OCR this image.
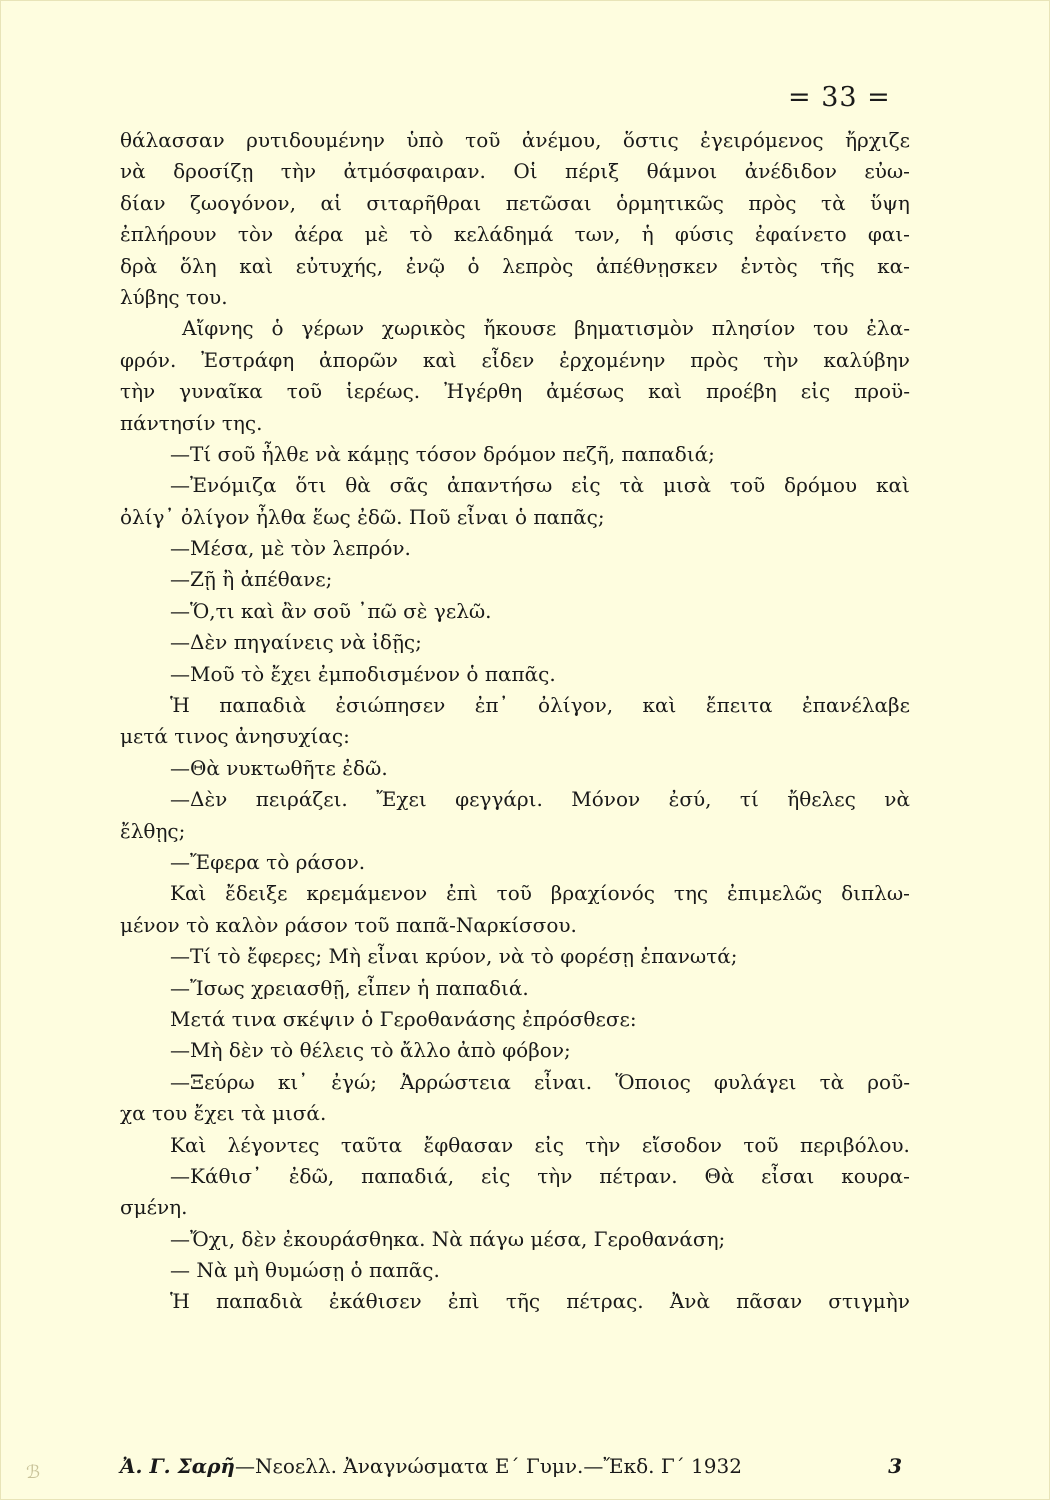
= 33 =
θάλασσαν ρυτιδουμένην ὑπὸ τοῦ ἀνέμου, ὅστις ἐγειρόμενος ἤρχιζε
νὰ δροσίζῃ τὴν ἀτμόσφαιραν. Οἱ πέριξ θάμνοι ἀνέδιδον εὐω-
δίαν ζωογόνον, αἱ σιταρῆθραι πετῶσαι ὁρμητικῶς πρὸς τὰ ὕψη
ἐπλήρουν τὸν ἀέρα μὲ τὸ κελάδημά των, ἡ φύσις ἐφαίνετο φαι-
δρὰ ὅλη καὶ εὐτυχής, ἐνῷ ὁ λεπρὸς ἀπέθνῃσκεν ἐντὸς τῆς κα-
λύβης του.
Αἴφνης ὁ γέρων χωρικὸς ἤκουσε βηματισμὸν πλησίον του ἐλα-
φρόν. Ἐστράφη ἀπορῶν καὶ εἶδεν ἐρχομένην πρὸς τὴν καλύβην
τὴν γυναῖκα τοῦ ἱερέως. Ἠγέρθη ἀμέσως καὶ προέβη εἰς προϋ-
πάντησίν της.
—Τί σοῦ ἦλθε νὰ κάμῃς τόσον δρόμον πεζῆ, παπαδιά;
—Ἐνόμιζα ὅτι θὰ σᾶς ἀπαντήσω εἰς τὰ μισὰ τοῦ δρόμου καὶ
ὀλίγ᾽ ὀλίγον ἦλθα ἕως ἐδῶ. Ποῦ εἶναι ὁ παπᾶς;
—Μέσα, μὲ τὸν λεπρόν.
—Ζῇ ἢ ἀπέθανε;
—Ὅ,τι καὶ ἂν σοῦ ᾽πῶ σὲ γελῶ.
—Δὲν πηγαίνεις νὰ ἰδῇς;
—Μοῦ τὸ ἔχει ἐμποδισμένον ὁ παπᾶς.
Ἡ παπαδιὰ ἐσιώπησεν ἐπ᾽ ὀλίγον, καὶ ἔπειτα ἐπανέλαβε
μετά τινος ἀνησυχίας:
—Θὰ νυκτωθῆτε ἐδῶ.
—Δὲν πειράζει. Ἔχει φεγγάρι. Μόνον ἐσύ, τί ἤθελες νὰ
ἔλθῃς;
—Ἔφερα τὸ ράσον.
Καὶ ἔδειξε κρεμάμενον ἐπὶ τοῦ βραχίονός της ἐπιμελῶς διπλω-
μένον τὸ καλὸν ράσον τοῦ παπᾶ-Ναρκίσσου.
—Τί τὸ ἔφερες; Μὴ εἶναι κρύον, νὰ τὸ φορέσῃ ἐπανωτά;
—Ἴσως χρειασθῇ, εἶπεν ἡ παπαδιά.
Μετά τινα σκέψιν ὁ Γεροθανάσης ἐπρόσθεσε:
—Μὴ δὲν τὸ θέλεις τὸ ἄλλο ἀπὸ φόβον;
—Ξεύρω κι᾽ ἐγώ; Ἀρρώστεια εἶναι. Ὅποιος φυλάγει τὰ ροῦ-
χα του ἔχει τὰ μισά.
Καὶ λέγοντες ταῦτα ἔφθασαν εἰς τὴν εἴσοδον τοῦ περιβόλου.
—Κάθισ᾽ ἐδῶ, παπαδιά, εἰς τὴν πέτραν. Θὰ εἶσαι κουρα-
σμένη.
—Ὄχι, δὲν ἐκουράσθηκα. Νὰ πάγω μέσα, Γεροθανάση;
— Νὰ μὴ θυμώσῃ ὁ παπᾶς.
Ἡ παπαδιὰ ἐκάθισεν ἐπὶ τῆς πέτρας. Ἀνὰ πᾶσαν στιγμὴν
Ἀ. Γ. Σαρῆ—Νεοελλ. Ἀναγνώσματα Ε΄ Γυμν.—Ἔκδ. Γ΄ 1932	3
ℬ
